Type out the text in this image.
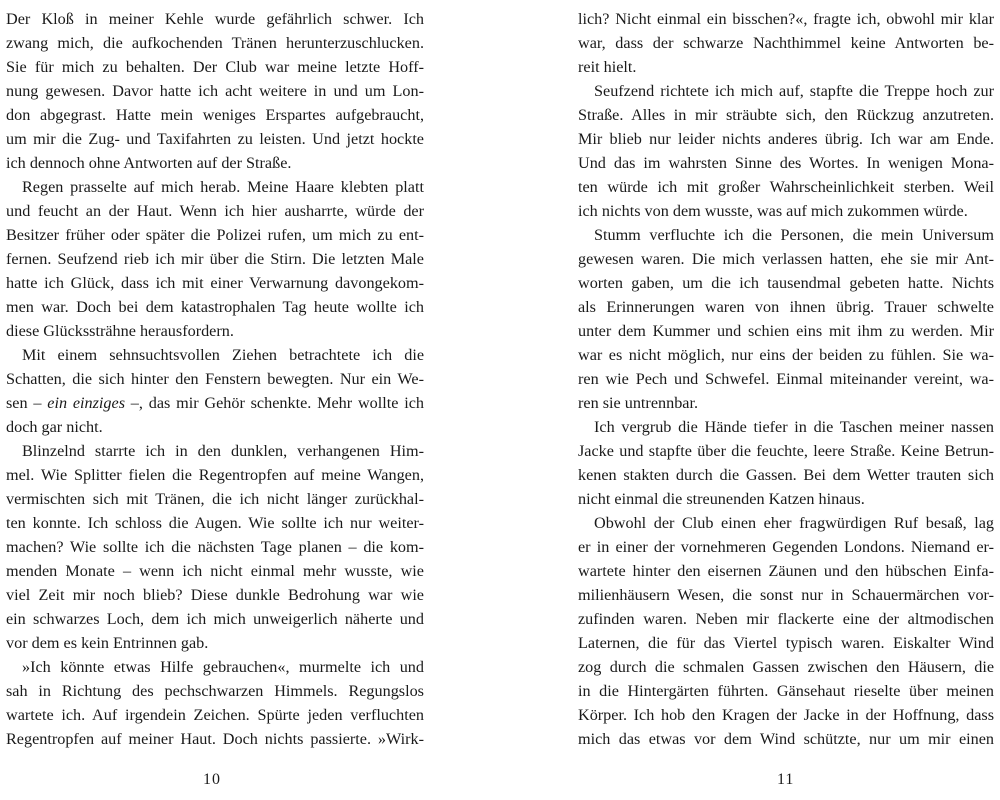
Der Kloß in meiner Kehle wurde gefährlich schwer. Ich
zwang mich, die aufkochenden Tränen herunterzuschlucken.
Sie für mich zu behalten. Der Club war meine letzte Hoff-
nung gewesen. Davor hatte ich acht weitere in und um Lon-
don abgegrast. Hatte mein weniges Erspartes aufgebraucht,
um mir die Zug- und Taxifahrten zu leisten. Und jetzt hockte
ich dennoch ohne Antworten auf der Straße.
Regen prasselte auf mich herab. Meine Haare klebten platt
und feucht an der Haut. Wenn ich hier ausharrte, würde der
Besitzer früher oder später die Polizei rufen, um mich zu ent-
fernen. Seufzend rieb ich mir über die Stirn. Die letzten Male
hatte ich Glück, dass ich mit einer Verwarnung davongekom-
men war. Doch bei dem katastrophalen Tag heute wollte ich
diese Glückssträhne herausfordern.
Mit einem sehnsuchtsvollen Ziehen betrachtete ich die
Schatten, die sich hinter den Fenstern bewegten. Nur ein We-
sen – ein einziges –, das mir Gehör schenkte. Mehr wollte ich
doch gar nicht.
Blinzelnd starrte ich in den dunklen, verhangenen Him-
mel. Wie Splitter fielen die Regentropfen auf meine Wangen,
vermischten sich mit Tränen, die ich nicht länger zurückhal-
ten konnte. Ich schloss die Augen. Wie sollte ich nur weiter-
machen? Wie sollte ich die nächsten Tage planen – die kom-
menden Monate – wenn ich nicht einmal mehr wusste, wie
viel Zeit mir noch blieb? Diese dunkle Bedrohung war wie
ein schwarzes Loch, dem ich mich unweigerlich näherte und
vor dem es kein Entrinnen gab.
»Ich könnte etwas Hilfe gebrauchen«, murmelte ich und
sah in Richtung des pechschwarzen Himmels. Regungslos
wartete ich. Auf irgendein Zeichen. Spürte jeden verfluchten
Regentropfen auf meiner Haut. Doch nichts passierte. »Wirk-
lich? Nicht einmal ein bisschen?«, fragte ich, obwohl mir klar
war, dass der schwarze Nachthimmel keine Antworten be-
reit hielt.
Seufzend richtete ich mich auf, stapfte die Treppe hoch zur
Straße. Alles in mir sträubte sich, den Rückzug anzutreten.
Mir blieb nur leider nichts anderes übrig. Ich war am Ende.
Und das im wahrsten Sinne des Wortes. In wenigen Mona-
ten würde ich mit großer Wahrscheinlichkeit sterben. Weil
ich nichts von dem wusste, was auf mich zukommen würde.
Stumm verfluchte ich die Personen, die mein Universum
gewesen waren. Die mich verlassen hatten, ehe sie mir Ant-
worten gaben, um die ich tausendmal gebeten hatte. Nichts
als Erinnerungen waren von ihnen übrig. Trauer schwelte
unter dem Kummer und schien eins mit ihm zu werden. Mir
war es nicht möglich, nur eins der beiden zu fühlen. Sie wa-
ren wie Pech und Schwefel. Einmal miteinander vereint, wa-
ren sie untrennbar.
Ich vergrub die Hände tiefer in die Taschen meiner nassen
Jacke und stapfte über die feuchte, leere Straße. Keine Betrun-
kenen stakten durch die Gassen. Bei dem Wetter trauten sich
nicht einmal die streunenden Katzen hinaus.
Obwohl der Club einen eher fragwürdigen Ruf besaß, lag
er in einer der vornehmeren Gegenden Londons. Niemand er-
wartete hinter den eisernen Zäunen und den hübschen Einfa-
milienhäusern Wesen, die sonst nur in Schauermärchen vor-
zufinden waren. Neben mir flackerte eine der altmodischen
Laternen, die für das Viertel typisch waren. Eiskalter Wind
zog durch die schmalen Gassen zwischen den Häusern, die
in die Hintergärten führten. Gänsehaut rieselte über meinen
Körper. Ich hob den Kragen der Jacke in der Hoffnung, dass
mich das etwas vor dem Wind schützte, nur um mir einen
10	11
